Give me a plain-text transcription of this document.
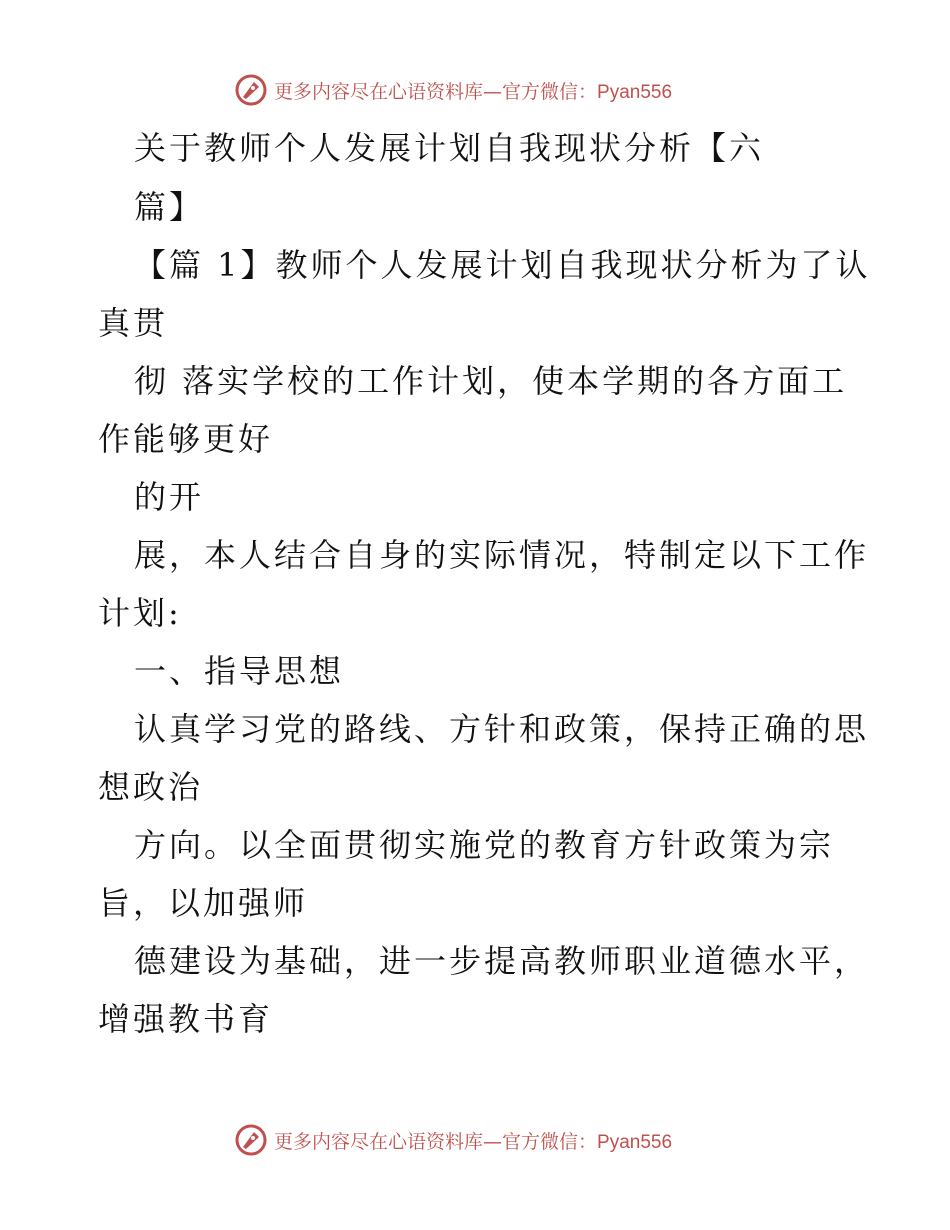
更多内容尽在心语资料库—官方微信：Pyan556
关于教师个人发展计划自我现状分析【六
篇】
【篇 1】教师个人发展计划自我现状分析为了认
真贯
彻 落实学校的工作计划，使本学期的各方面工
作能够更好
的开
展，本人结合自身的实际情况，特制定以下工作
计划:
一、指导思想
认真学习党的路线、方针和政策，保持正确的思
想政治
方向。以全面贯彻实施党的教育方针政策为宗
旨，以加强师
德建设为基础，进一步提高教师职业道德水平，
增强教书育
更多内容尽在心语资料库—官方微信：Pyan556
